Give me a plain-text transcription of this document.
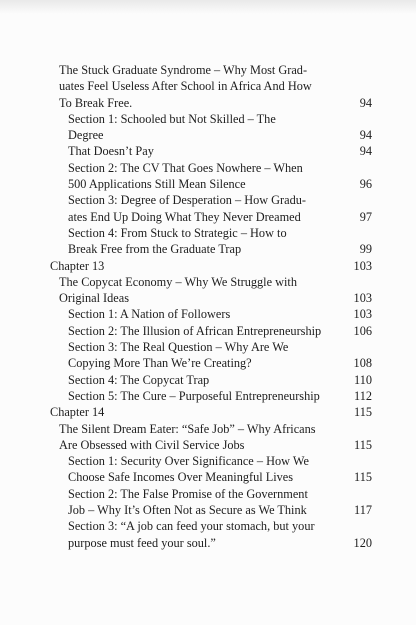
The Stuck Graduate Syndrome – Why Most Grad-
uates Feel Useless After School in Africa And How
To Break Free.	94
Section 1: Schooled but Not Skilled – The
Degree	94
That Doesn’t Pay	94
Section 2: The CV That Goes Nowhere – When
500 Applications Still Mean Silence	96
Section 3: Degree of Desperation – How Gradu-
ates End Up Doing What They Never Dreamed	97
Section 4: From Stuck to Strategic – How to
Break Free from the Graduate Trap	99
Chapter 13	103
The Copycat Economy – Why We Struggle with
Original Ideas	103
Section 1: A Nation of Followers	103
Section 2: The Illusion of African Entrepreneurship	106
Section 3: The Real Question – Why Are We
Copying More Than We’re Creating?	108
Section 4: The Copycat Trap	110
Section 5: The Cure – Purposeful Entrepreneurship	112
Chapter 14	115
The Silent Dream Eater: “Safe Job” – Why Africans
Are Obsessed with Civil Service Jobs	115
Section 1: Security Over Significance – How We
Choose Safe Incomes Over Meaningful Lives	115
Section 2: The False Promise of the Government
Job – Why It’s Often Not as Secure as We Think	117
Section 3: “A job can feed your stomach, but your
purpose must feed your soul.”	120
